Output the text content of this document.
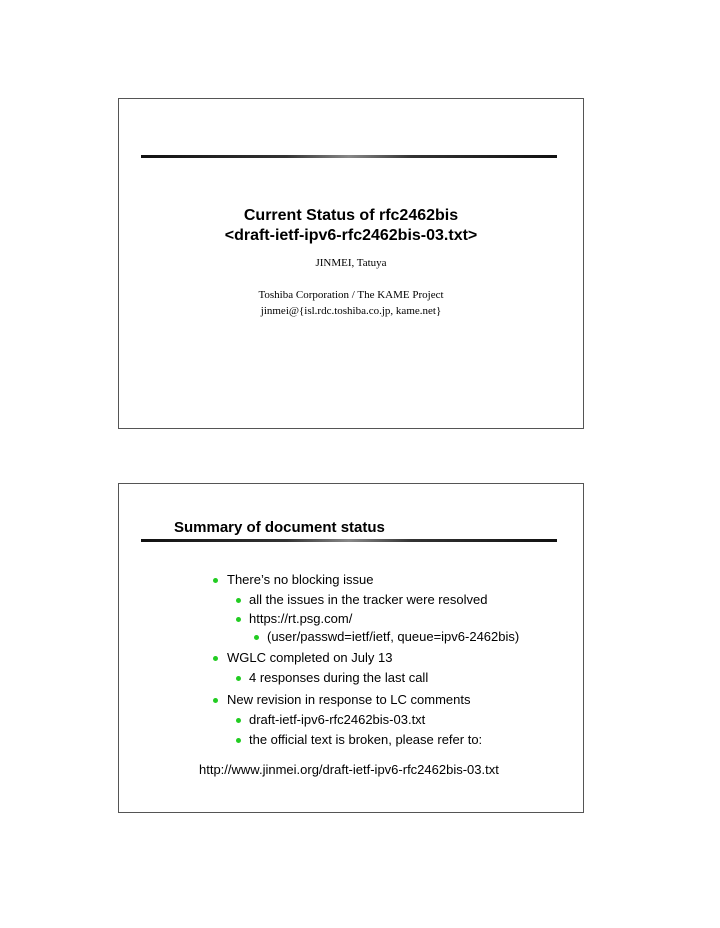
Current Status of rfc2462bis
<draft-ietf-ipv6-rfc2462bis-03.txt>
JINMEI, Tatuya
Toshiba Corporation / The KAME Project
jinmei@{isl.rdc.toshiba.co.jp, kame.net}
Summary of document status
There’s no blocking issue
all the issues in the tracker were resolved
https://rt.psg.com/
(user/passwd=ietf/ietf, queue=ipv6-2462bis)
WGLC completed on July 13
4 responses during the last call
New revision in response to LC comments
draft-ietf-ipv6-rfc2462bis-03.txt
the official text is broken, please refer to:
http://www.jinmei.org/draft-ietf-ipv6-rfc2462bis-03.txt
